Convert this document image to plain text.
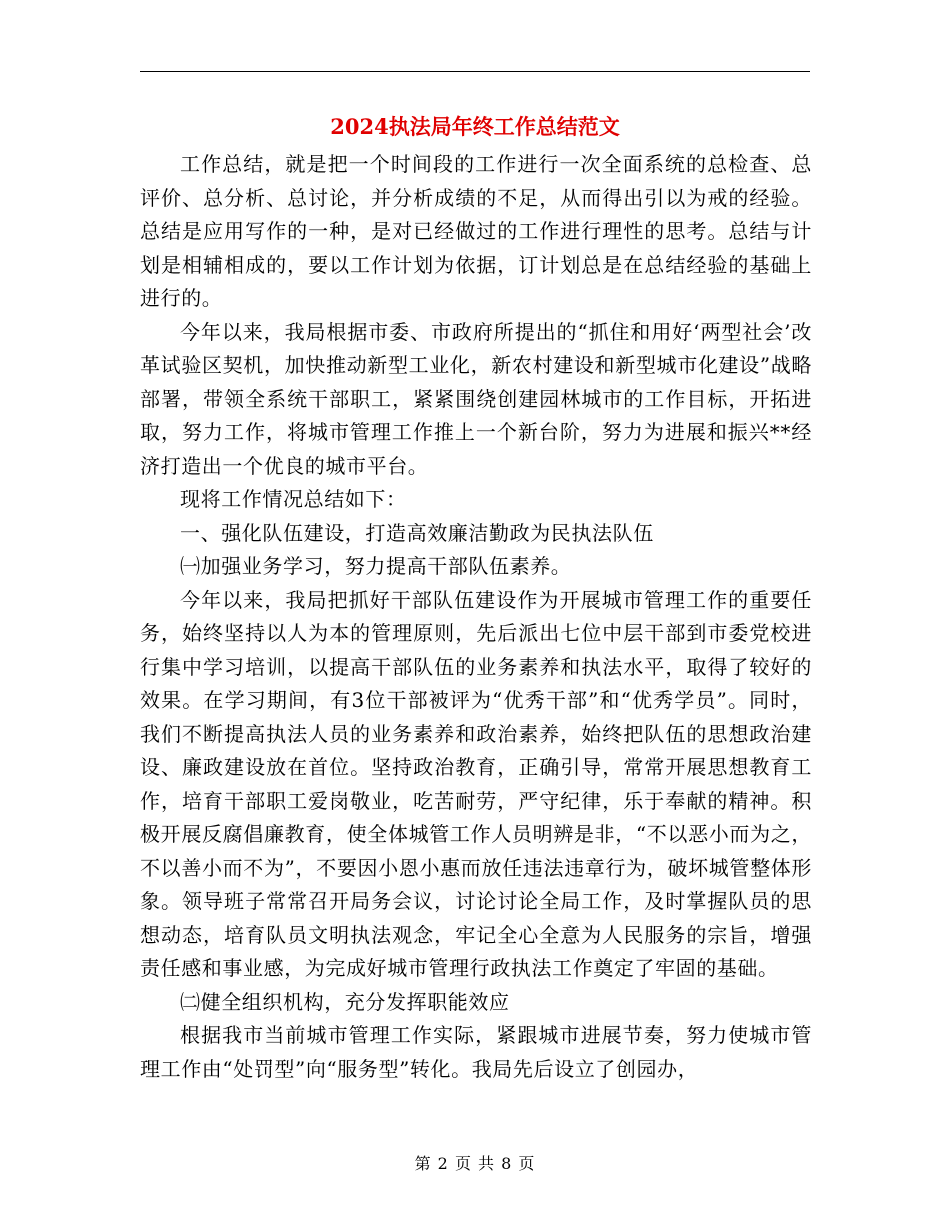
2024执法局年终工作总结范文

工作总结，就是把一个时间段的工作进行一次全面系统的总检查、总评价、总分析、总讨论，并分析成绩的不足，从而得出引以为戒的经验。总结是应用写作的一种，是对已经做过的工作进行理性的思考。总结与计划是相辅相成的，要以工作计划为依据，订计划总是在总结经验的基础上进行的。

今年以来，我局根据市委、市政府所提出的“抓住和用好‘两型社会’改革试验区契机，加快推动新型工业化，新农村建设和新型城市化建设”战略部署，带领全系统干部职工，紧紧围绕创建园林城市的工作目标，开拓进取，努力工作，将城市管理工作推上一个新台阶，努力为进展和振兴**经济打造出一个优良的城市平台。

现将工作情况总结如下：

一、强化队伍建设，打造高效廉洁勤政为民执法队伍

㈠加强业务学习，努力提高干部队伍素养。

今年以来，我局把抓好干部队伍建设作为开展城市管理工作的重要任务，始终坚持以人为本的管理原则，先后派出七位中层干部到市委党校进行集中学习培训，以提高干部队伍的业务素养和执法水平，取得了较好的效果。在学习期间，有3位干部被评为“优秀干部”和“优秀学员”。同时，我们不断提高执法人员的业务素养和政治素养，始终把队伍的思想政治建设、廉政建设放在首位。坚持政治教育，正确引导，常常开展思想教育工作，培育干部职工爱岗敬业，吃苦耐劳，严守纪律，乐于奉献的精神。积极开展反腐倡廉教育，使全体城管工作人员明辨是非，“不以恶小而为之，不以善小而不为”，不要因小恩小惠而放任违法违章行为，破坏城管整体形象。领导班子常常召开局务会议，讨论讨论全局工作，及时掌握队员的思想动态，培育队员文明执法观念，牢记全心全意为人民服务的宗旨，增强责任感和事业感，为完成好城市管理行政执法工作奠定了牢固的基础。

㈡健全组织机构，充分发挥职能效应

根据我市当前城市管理工作实际，紧跟城市进展节奏，努力使城市管理工作由“处罚型”向“服务型”转化。我局先后设立了创园办，

第 2 页 共 8 页
